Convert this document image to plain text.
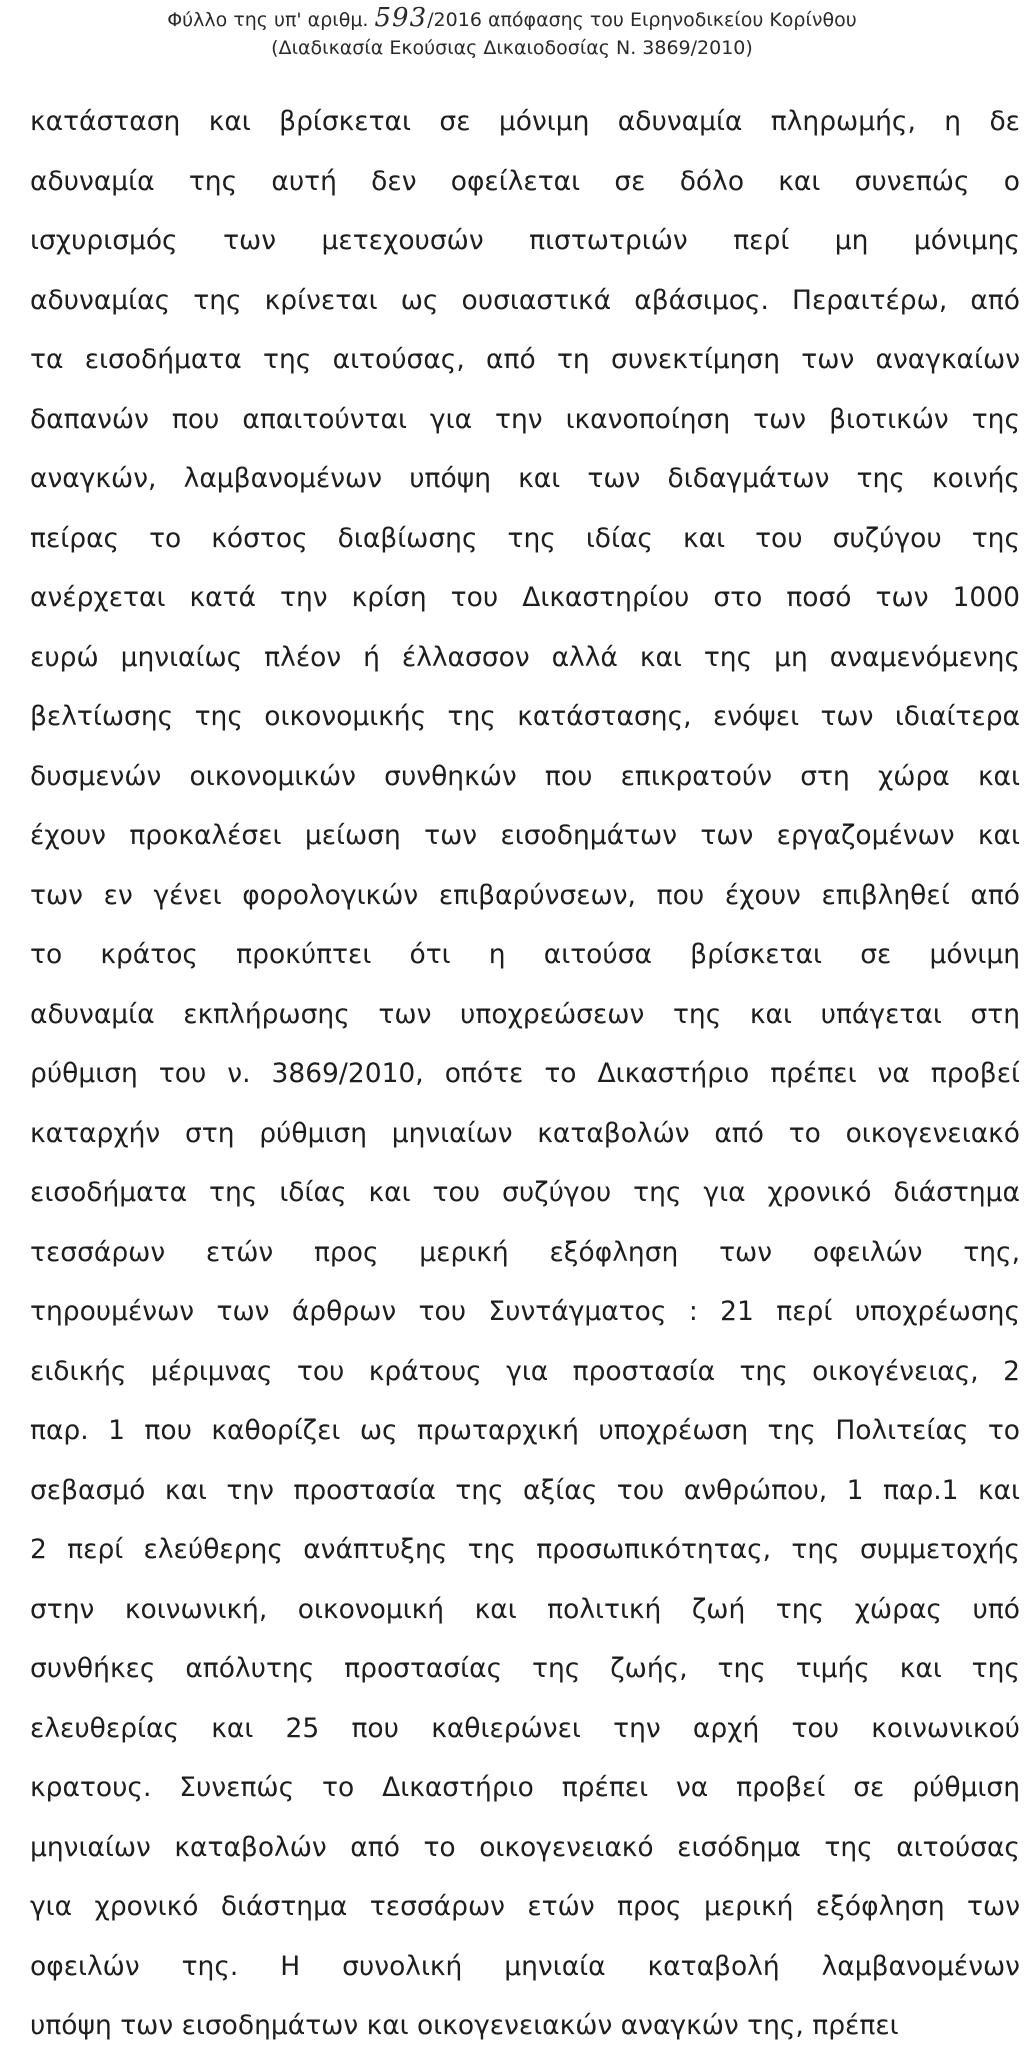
Φύλλο της υπ' αριθμ. 593/2016 απόφασης του Ειρηνοδικείου Κορίνθου
(Διαδικασία Εκούσιας Δικαιοδοσίας Ν. 3869/2010)
κατάσταση και βρίσκεται σε μόνιμη αδυναμία πληρωμής, η δε
αδυναμία της αυτή δεν οφείλεται σε δόλο και συνεπώς ο
ισχυρισμός των μετεχουσών πιστωτριών περί μη μόνιμης
αδυναμίας της κρίνεται ως ουσιαστικά αβάσιμος. Περαιτέρω, από
τα εισοδήματα της αιτούσας, από τη συνεκτίμηση των αναγκαίων
δαπανών που απαιτούνται για την ικανοποίηση των βιοτικών της
αναγκών, λαμβανομένων υπόψη και των διδαγμάτων της κοινής
πείρας το κόστος διαβίωσης της ιδίας και του συζύγου της
ανέρχεται κατά την κρίση του Δικαστηρίου στο ποσό των 1000
ευρώ μηνιαίως πλέον ή έλλασσον αλλά και της μη αναμενόμενης
βελτίωσης της οικονομικής της κατάστασης, ενόψει των ιδιαίτερα
δυσμενών οικονομικών συνθηκών που επικρατούν στη χώρα και
έχουν προκαλέσει μείωση των εισοδημάτων των εργαζομένων και
των εν γένει φορολογικών επιβαρύνσεων, που έχουν επιβληθεί από
το κράτος προκύπτει ότι η αιτούσα βρίσκεται σε μόνιμη
αδυναμία εκπλήρωσης των υποχρεώσεων της και υπάγεται στη
ρύθμιση του ν. 3869/2010, οπότε το Δικαστήριο πρέπει να προβεί
καταρχήν στη ρύθμιση μηνιαίων καταβολών από το οικογενειακό
εισοδήματα της ιδίας και του συζύγου της για χρονικό διάστημα
τεσσάρων ετών προς μερική εξόφληση των οφειλών της,
τηρουμένων των άρθρων του Συντάγματος : 21 περί υποχρέωσης
ειδικής μέριμνας του κράτους για προστασία της οικογένειας, 2
παρ. 1 που καθορίζει ως πρωταρχική υποχρέωση της Πολιτείας το
σεβασμό και την προστασία της αξίας του ανθρώπου, 1 παρ.1 και
2 περί ελεύθερης ανάπτυξης της προσωπικότητας, της συμμετοχής
στην κοινωνική, οικονομική και πολιτική ζωή της χώρας υπό
συνθήκες απόλυτης προστασίας της ζωής, της τιμής και της
ελευθερίας και 25 που καθιερώνει την αρχή του κοινωνικού
κρατους. Συνεπώς το Δικαστήριο πρέπει να προβεί σε ρύθμιση
μηνιαίων καταβολών από το οικογενειακό εισόδημα της αιτούσας
για χρονικό διάστημα τεσσάρων ετών προς μερική εξόφληση των
οφειλών της. Η συνολική μηνιαία καταβολή λαμβανομένων
υπόψη των εισοδημάτων και οικογενειακών αναγκών της, πρέπει
